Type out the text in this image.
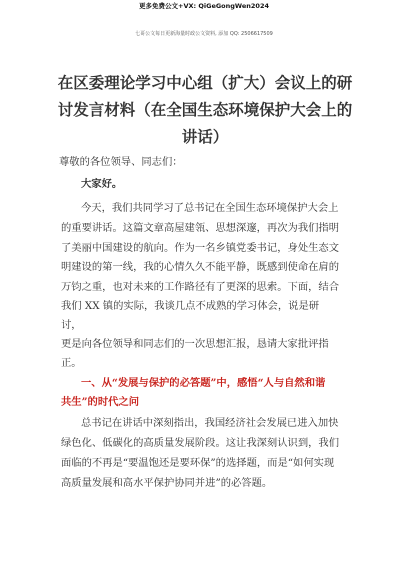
更多免费公文+VX: QiGeGongWen2024
七哥公文每日更新海量时政公文资料, 添加 QQ: 2506617509
在区委理论学习中心组（扩大）会议上的研
讨发言材料（在全国生态环境保护大会上的
讲话）
尊敬的各位领导、同志们：
大家好。
今天，我们共同学习了总书记在全国生态环境保护大会上
的重要讲话。这篇文章高屋建瓴、思想深邃，再次为我们指明
了美丽中国建设的航向。作为一名乡镇党委书记，身处生态文
明建设的第一线，我的心情久久不能平静，既感到使命在肩的
万钧之重，也对未来的工作路径有了更深的思索。下面，结合
我们 XX 镇的实际，我谈几点不成熟的学习体会，说是研
讨，
更是向各位领导和同志们的一次思想汇报，恳请大家批评指
正。
一、从“发展与保护的必答题”中，感悟“人与自然和谐
共生”的时代之问
总书记在讲话中深刻指出，我国经济社会发展已进入加快
绿色化、低碳化的高质量发展阶段。这让我深刻认识到，我们
面临的不再是“要温饱还是要环保”的选择题，而是“如何实现
高质量发展和高水平保护协同并进”的必答题。
